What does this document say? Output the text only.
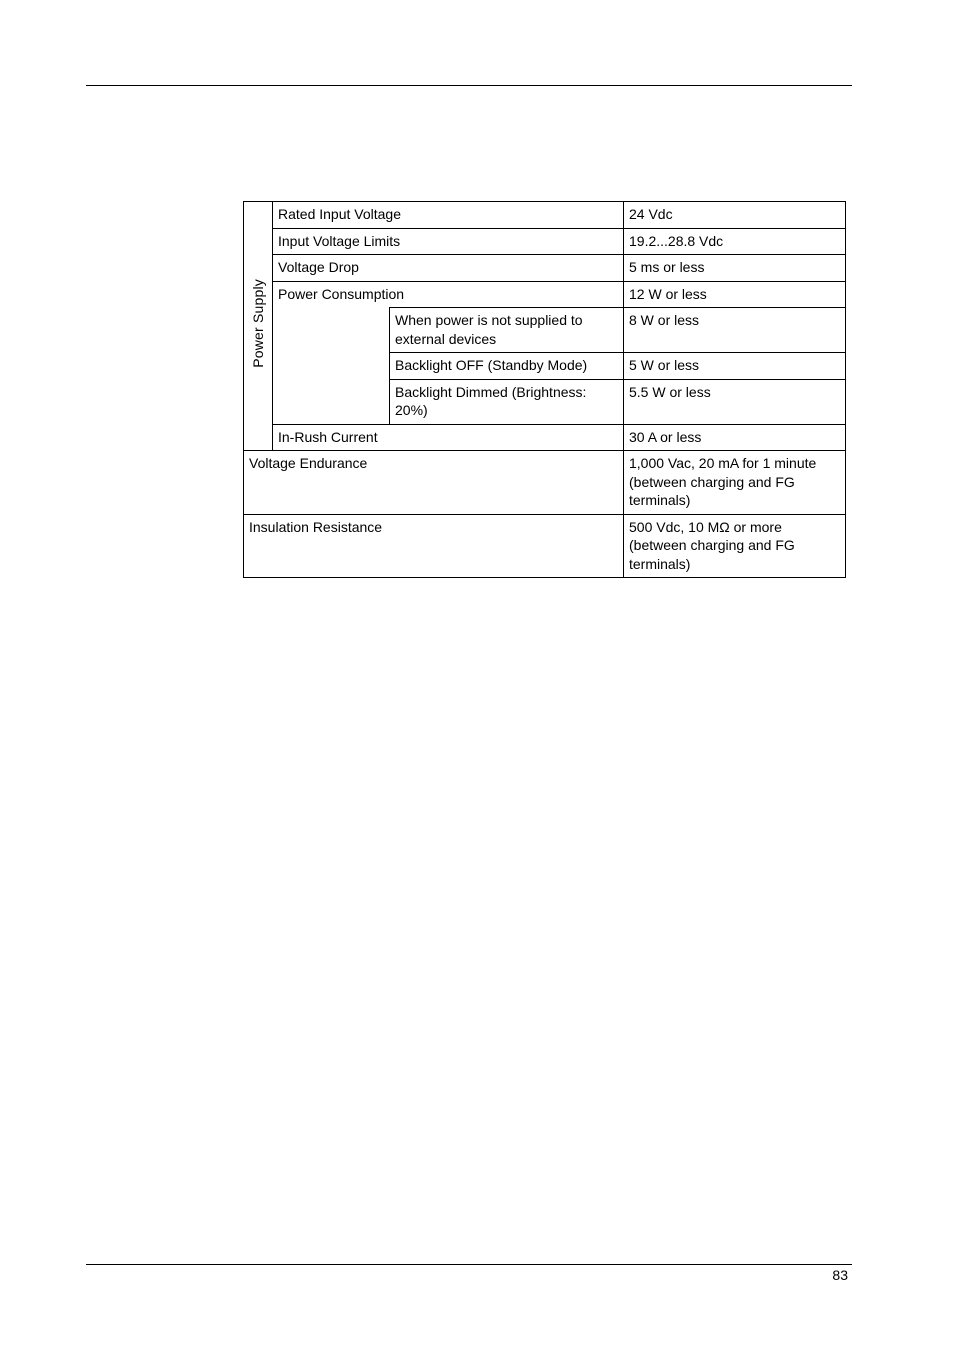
Power Supply	Rated Input Voltage		24 Vdc
	Input Voltage Limits		19.2...28.8 Vdc
	Voltage Drop		5 ms or less
	Power Consumption		12 W or less
		When power is not supplied to external devices	8 W or less
		Backlight OFF (Standby Mode)	5 W or less
		Backlight Dimmed (Brightness: 20%)	5.5 W or less
	In-Rush Current		30 A or less
Voltage Endurance			1,000 Vac, 20 mA for 1 minute (between charging and FG terminals)
Insulation Resistance			500 Vdc, 10 MΩ or more (between charging and FG terminals)
83
